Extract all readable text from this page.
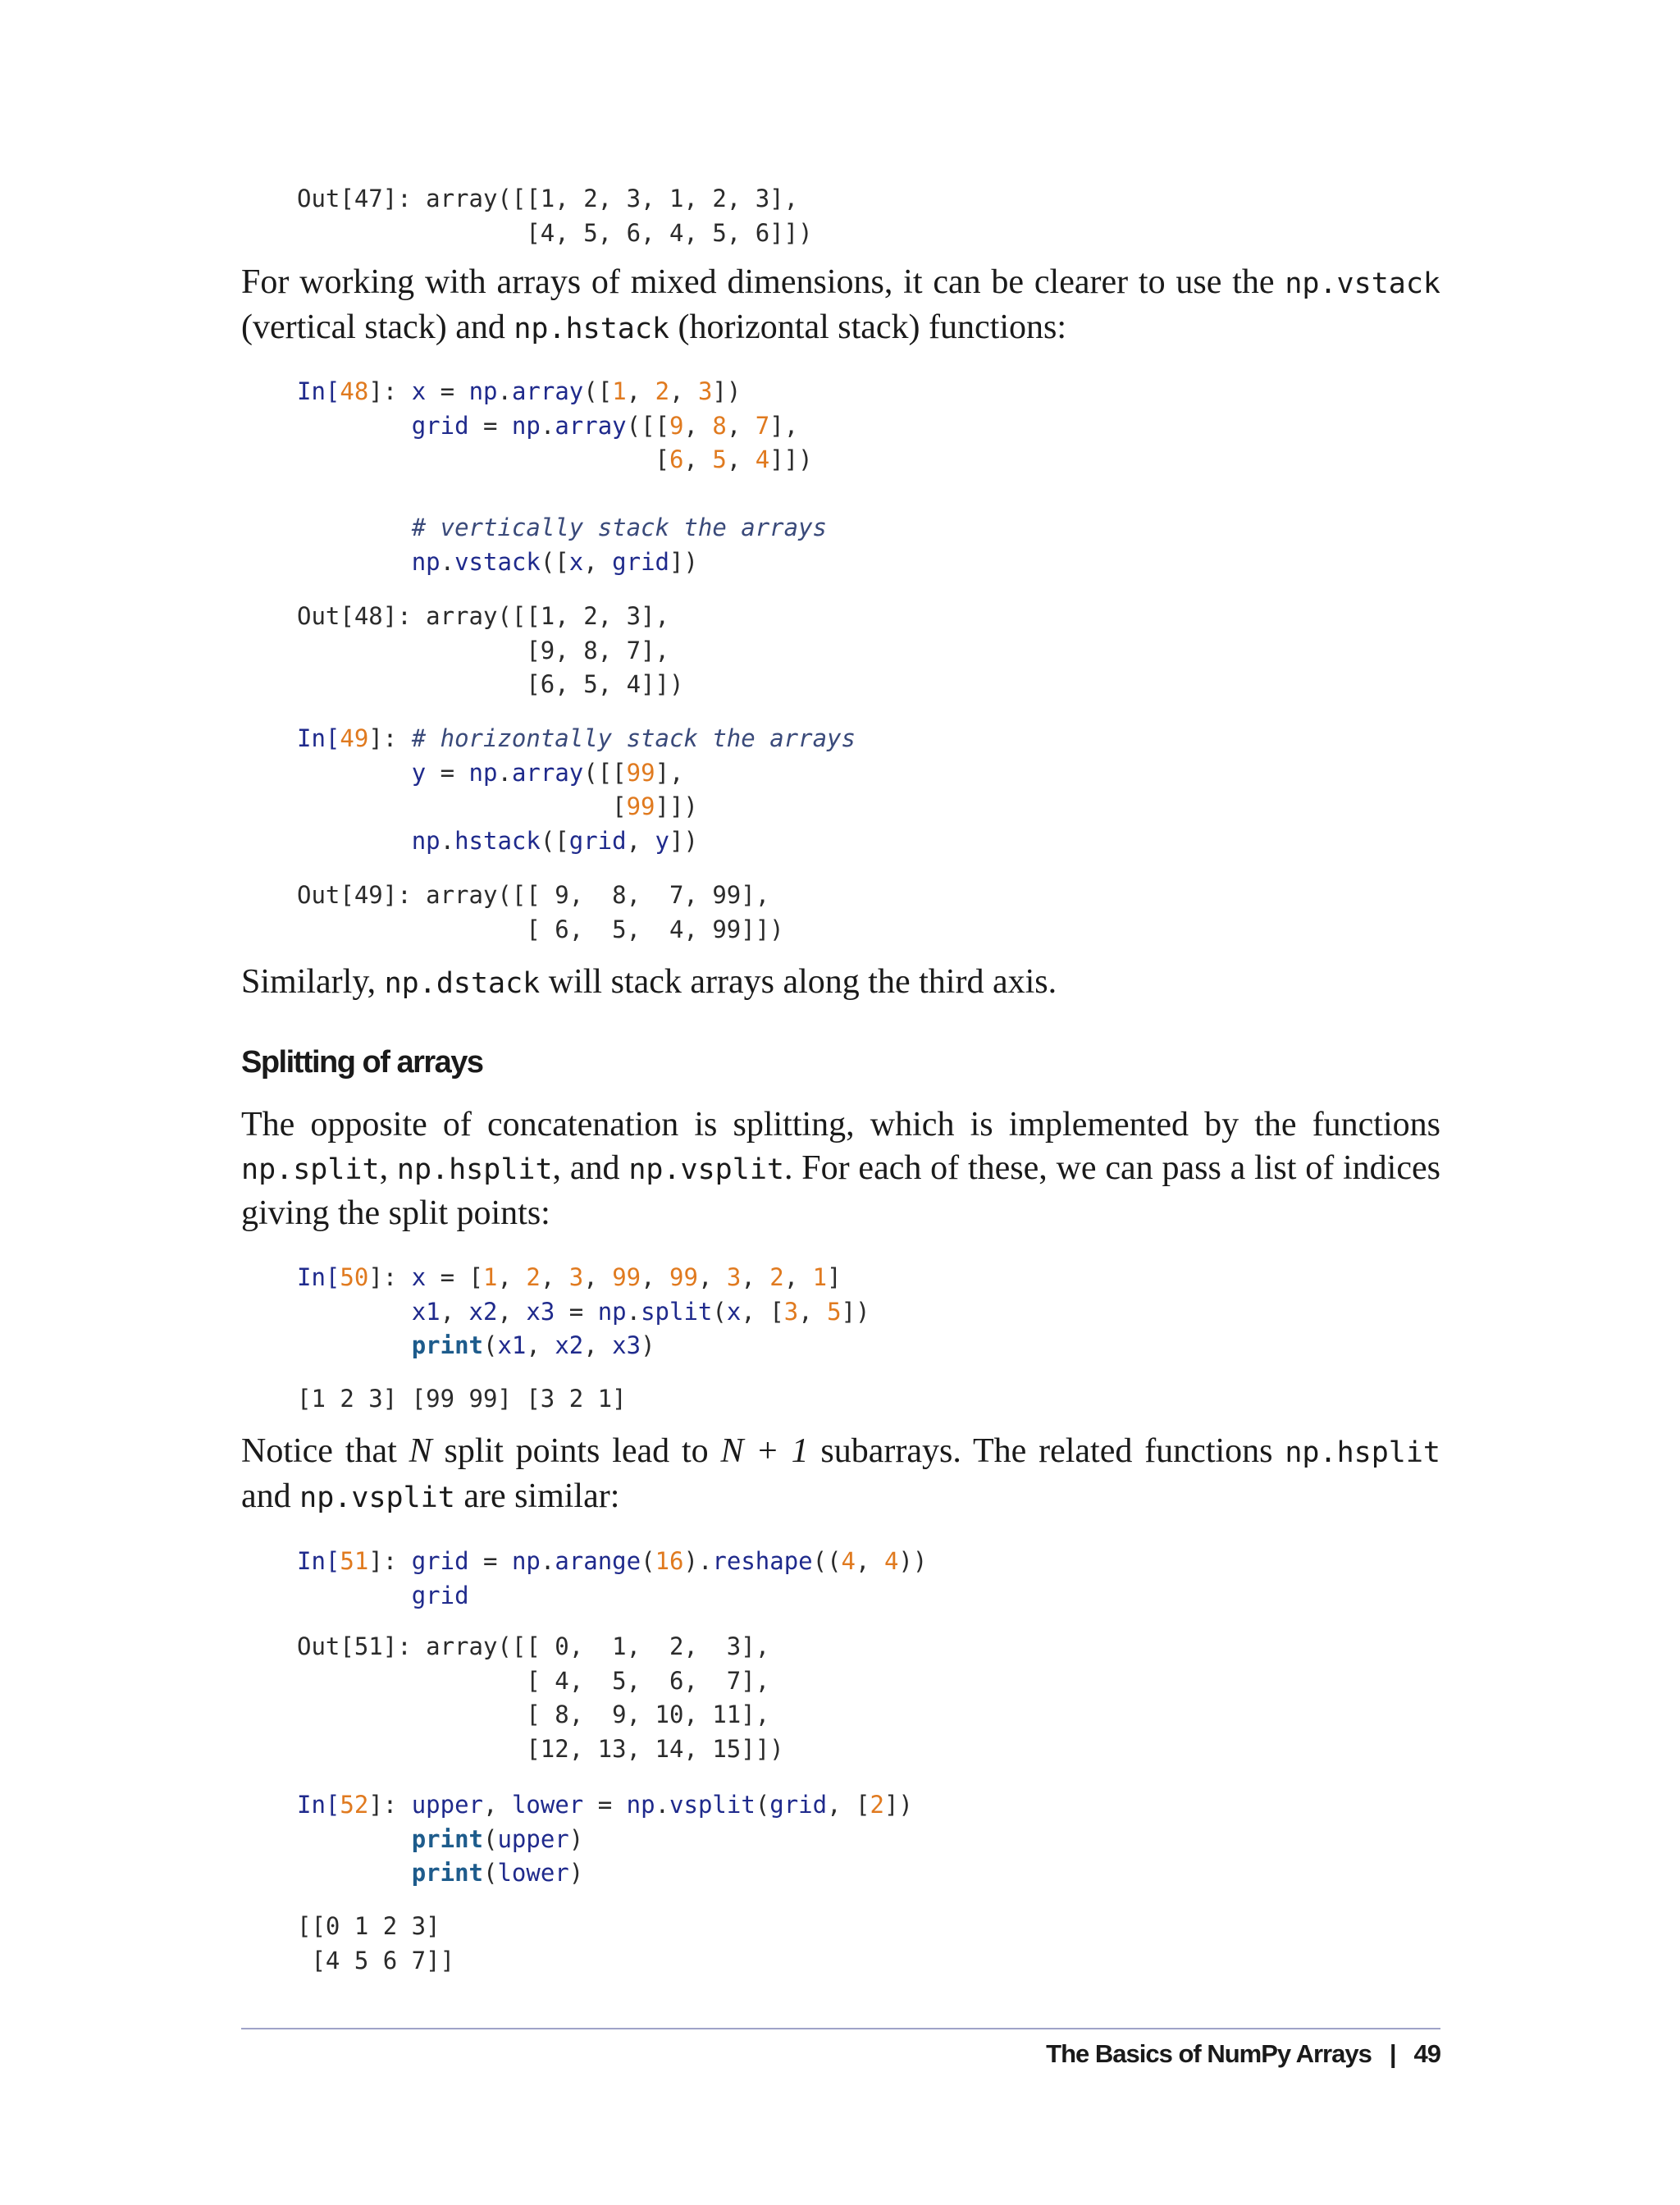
Out[47]: array([[1, 2, 3, 1, 2, 3],
[4, 5, 6, 4, 5, 6]])

For working with arrays of mixed dimensions, it can be clearer to use the np.vstack (vertical stack) and np.hstack (horizontal stack) functions:

In[48]: x = np.array([1, 2, 3])
grid = np.array([[9, 8, 7],
[6, 5, 4]])

# vertically stack the arrays
np.vstack([x, grid])
Out[48]: array([[1, 2, 3],
[9, 8, 7],
[6, 5, 4]])
In[49]: # horizontally stack the arrays
y = np.array([[99],
[99]])
np.hstack([grid, y])
Out[49]: array([[ 9,  8,  7, 99],
[ 6,  5,  4, 99]])

Similarly, np.dstack will stack arrays along the third axis.

Splitting of arrays

The opposite of concatenation is splitting, which is implemented by the functions np.split, np.hsplit, and np.vsplit. For each of these, we can pass a list of indices giving the split points:

In[50]: x = [1, 2, 3, 99, 99, 3, 2, 1]
x1, x2, x3 = np.split(x, [3, 5])
print(x1, x2, x3)
[1 2 3] [99 99] [3 2 1]

Notice that N split points lead to N + 1 subarrays. The related functions np.hsplit and np.vsplit are similar:

In[51]: grid = np.arange(16).reshape((4, 4))
grid
Out[51]: array([[ 0,  1,  2,  3],
[ 4,  5,  6,  7],
[ 8,  9, 10, 11],
[12, 13, 14, 15]])
In[52]: upper, lower = np.vsplit(grid, [2])
print(upper)
print(lower)
[[0 1 2 3]
[4 5 6 7]]
The Basics of NumPy Arrays | 49
